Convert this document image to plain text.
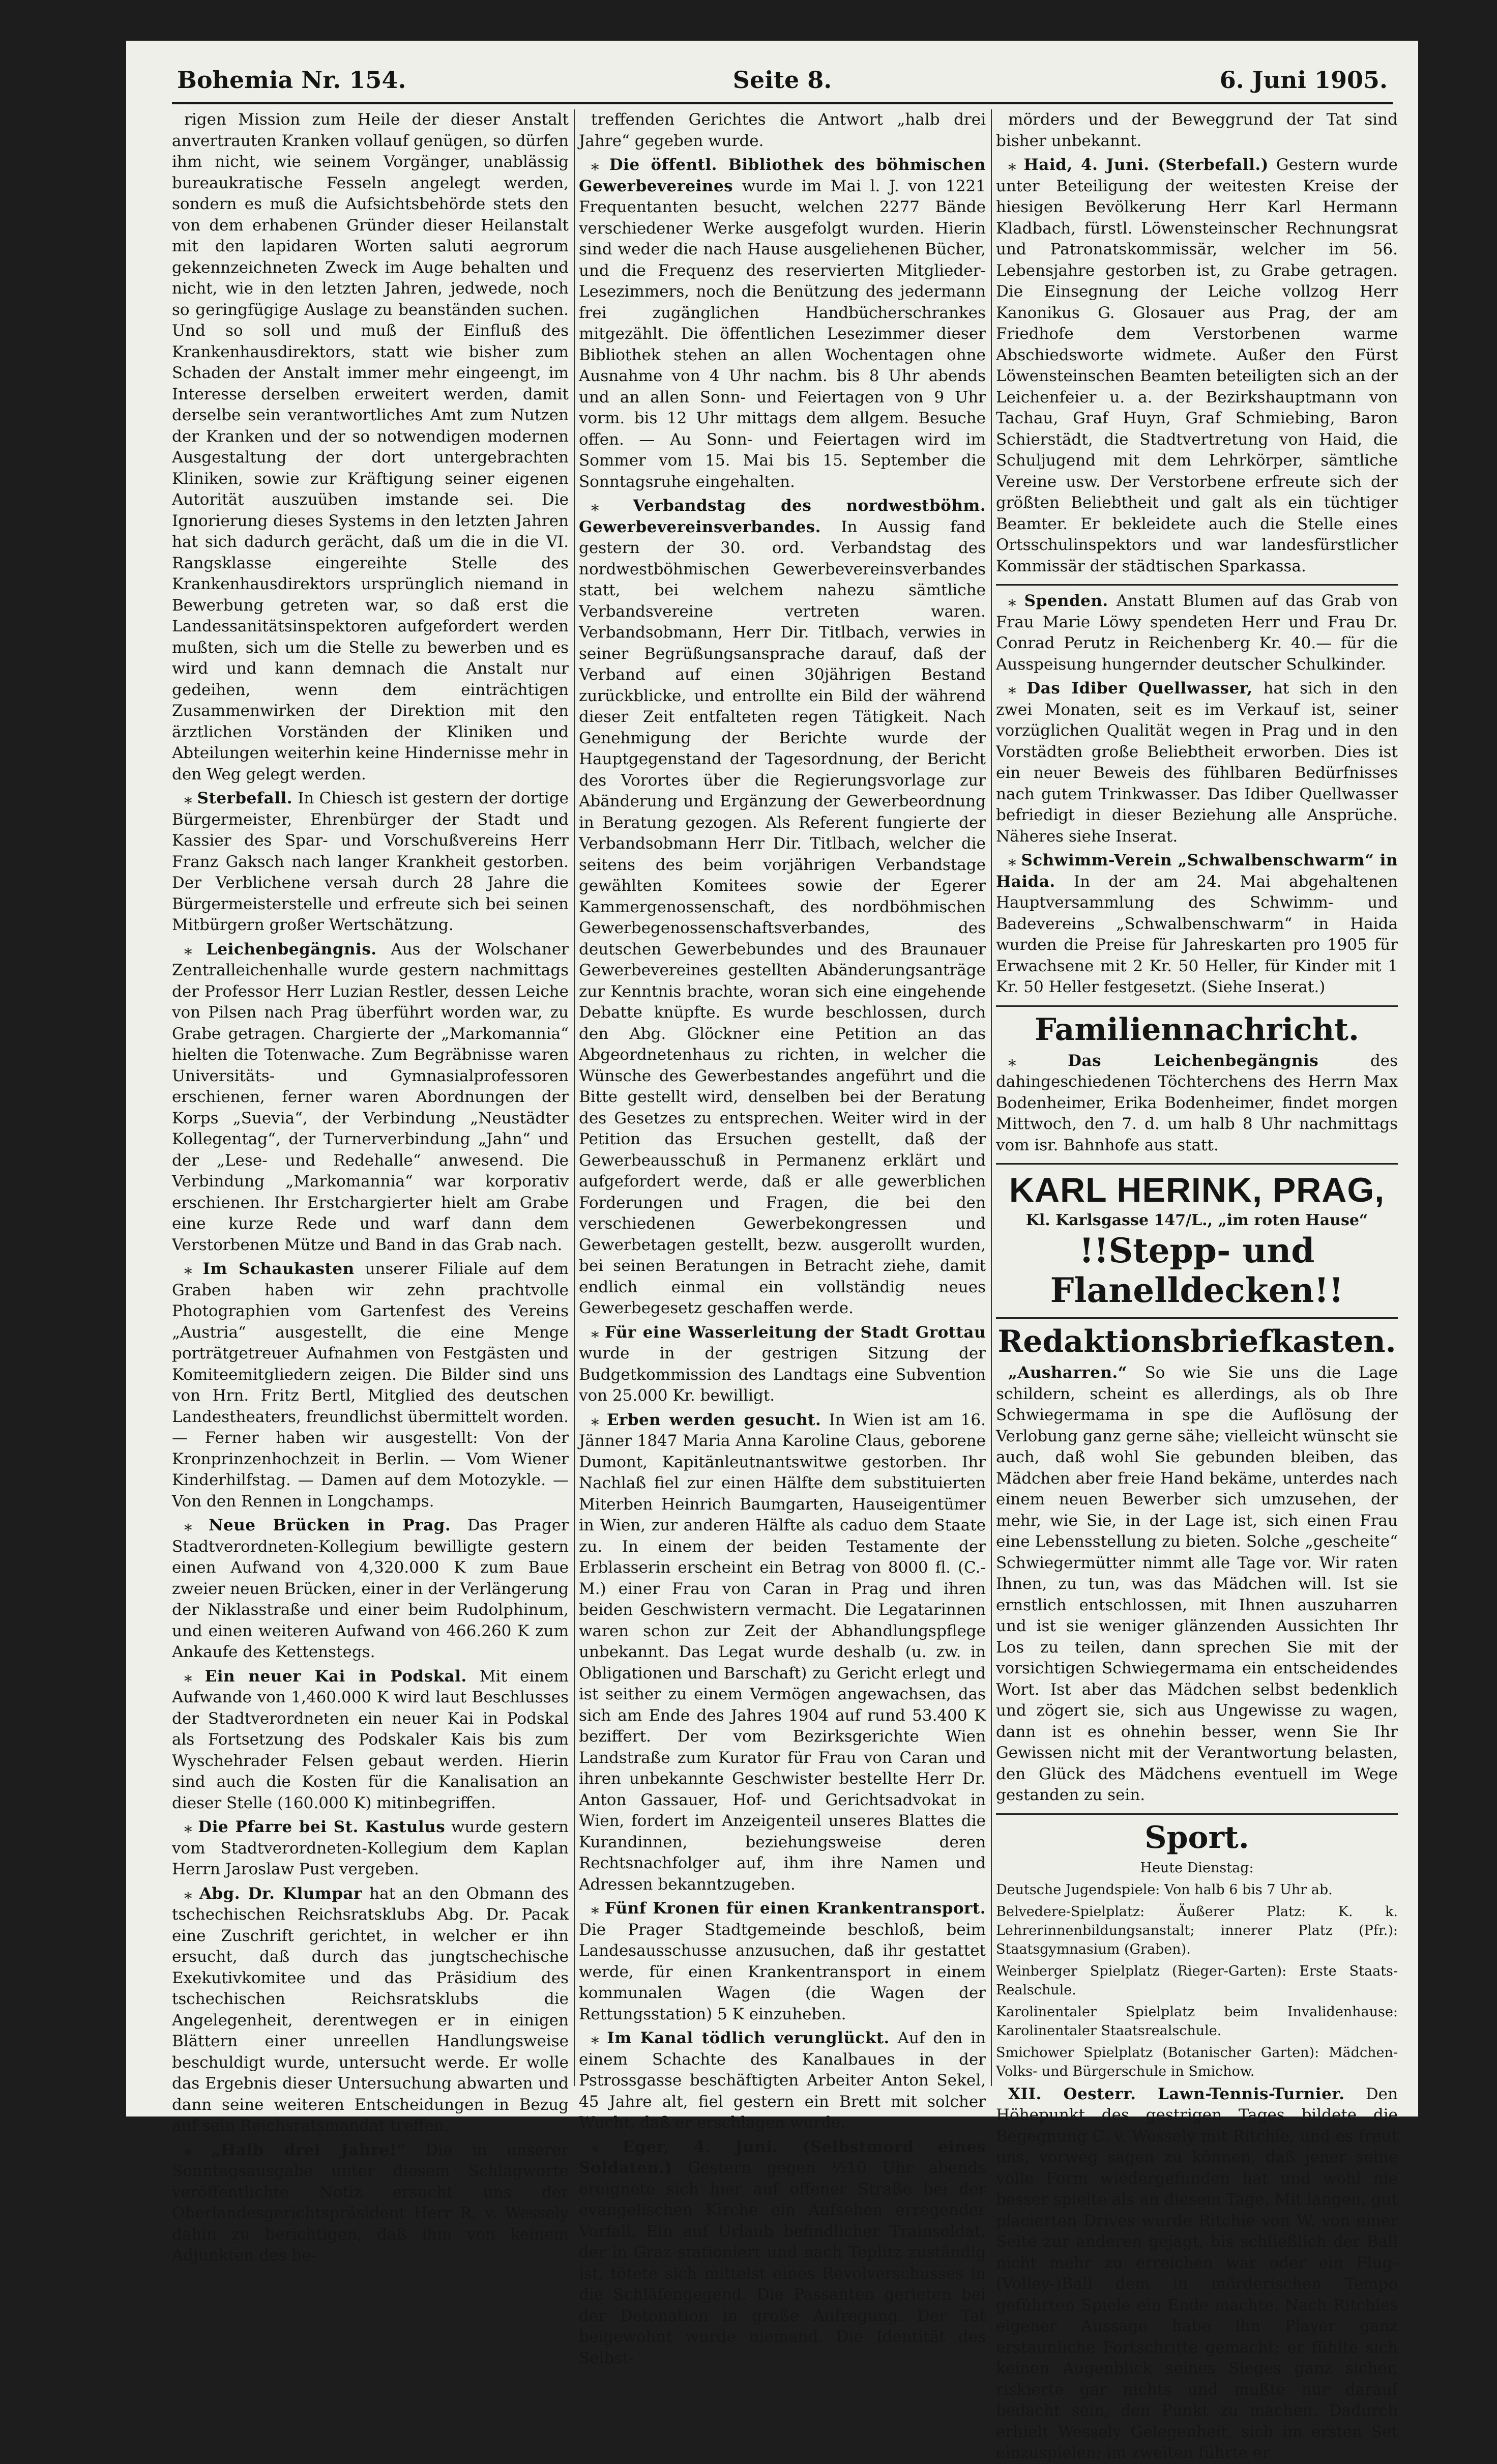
Bohemia Nr. 154.	Seite 8.	6. Juni 1905.

rigen Mission zum Heile der dieser Anstalt anvertrauten Kranken vollauf genügen, so dürfen ihm nicht, wie seinem Vorgänger, unablässig bureaukratische Fesseln angelegt werden, sondern es muß die Aufsichtsbehörde stets den von dem erhabenen Gründer dieser Heilanstalt mit den lapidaren Worten saluti aegrorum gekennzeichneten Zweck im Auge behalten und nicht, wie in den letzten Jahren, jedwede, noch so geringfügige Auslage zu beanständen suchen. Und so soll und muß der Einfluß des Krankenhausdirektors, statt wie bisher zum Schaden der Anstalt immer mehr eingeengt, im Interesse derselben erweitert werden, damit derselbe sein verantwortliches Amt zum Nutzen der Kranken und der so notwendigen modernen Ausgestaltung der dort untergebrachten Kliniken, sowie zur Kräftigung seiner eigenen Autorität auszuüben imstande sei. Die Ignorierung dieses Systems in den letzten Jahren hat sich dadurch gerächt, daß um die in die VI. Rangsklasse eingereihte Stelle des Krankenhausdirektors ursprünglich niemand in Bewerbung getreten war, so daß erst die Landessanitätsinspektoren aufgefordert werden mußten, sich um die Stelle zu bewerben und es wird und kann demnach die Anstalt nur gedeihen, wenn dem einträchtigen Zusammenwirken der Direktion mit den ärztlichen Vorständen der Kliniken und Abteilungen weiterhin keine Hindernisse mehr in den Weg gelegt werden.

⁎ Sterbefall. In Chiesch ist gestern der dortige Bürgermeister, Ehrenbürger der Stadt und Kassier des Spar- und Vorschußvereins Herr Franz Gaksch nach langer Krankheit gestorben. Der Verblichene versah durch 28 Jahre die Bürgermeisterstelle und erfreute sich bei seinen Mitbürgern großer Wertschätzung.

⁎ Leichenbegängnis. Aus der Wolschaner Zentralleichenhalle wurde gestern nachmittags der Professor Herr Luzian Restler, dessen Leiche von Pilsen nach Prag überführt worden war, zu Grabe getragen. Chargierte der „Markomannia“ hielten die Totenwache. Zum Begräbnisse waren Universitäts- und Gymnasialprofessoren erschienen, ferner waren Abordnungen der Korps „Suevia“, der Verbindung „Neustädter Kollegentag“, der Turnerverbindung „Jahn“ und der „Lese- und Redehalle“ anwesend. Die Verbindung „Markomannia“ war korporativ erschienen. Ihr Erstchargierter hielt am Grabe eine kurze Rede und warf dann dem Verstorbenen Mütze und Band in das Grab nach.

⁎ Im Schaukasten unserer Filiale auf dem Graben haben wir zehn prachtvolle Photographien vom Gartenfest des Vereins „Austria“ ausgestellt, die eine Menge porträtgetreuer Aufnahmen von Festgästen und Komiteemitgliedern zeigen. Die Bilder sind uns von Hrn. Fritz Bertl, Mitglied des deutschen Landestheaters, freundlichst übermittelt worden. — Ferner haben wir ausgestellt: Von der Kronprinzenhochzeit in Berlin. — Vom Wiener Kinderhilfstag. — Damen auf dem Motozykle. — Von den Rennen in Longchamps.

⁎ Neue Brücken in Prag. Das Prager Stadtverordneten-Kollegium bewilligte gestern einen Aufwand von 4,320.000 K zum Baue zweier neuen Brücken, einer in der Verlängerung der Niklasstraße und einer beim Rudolphinum, und einen weiteren Aufwand von 466.260 K zum Ankaufe des Kettenstegs.

⁎ Ein neuer Kai in Podskal. Mit einem Aufwande von 1,460.000 K wird laut Beschlusses der Stadtverordneten ein neuer Kai in Podskal als Fortsetzung des Podskaler Kais bis zum Wyschehrader Felsen gebaut werden. Hierin sind auch die Kosten für die Kanalisation an dieser Stelle (160.000 K) mitinbegriffen.

⁎ Die Pfarre bei St. Kastulus wurde gestern vom Stadtverordneten-Kollegium dem Kaplan Herrn Jaroslaw Pust vergeben.

⁎ Abg. Dr. Klumpar hat an den Obmann des tschechischen Reichsratsklubs Abg. Dr. Pacak eine Zuschrift gerichtet, in welcher er ihn ersucht, daß durch das jungtschechische Exekutivkomitee und das Präsidium des tschechischen Reichsratsklubs die Angelegenheit, derentwegen er in einigen Blättern einer unreellen Handlungsweise beschuldigt wurde, untersucht werde. Er wolle das Ergebnis dieser Untersuchung abwarten und dann seine weiteren Entscheidungen in Bezug auf sein Reichsratsmandat treffen.

⁎ „Halb drei Jahre!“ Die in unserer Sonntagsausgabe unter diesem Schlagworte veröffentlichte Notiz ersucht uns der Oberlandesgerichtspräsident Herr R. v. Wessely dahin zu berichtigen, daß ihm von keinem Adjunkten des be-

treffenden Gerichtes die Antwort „halb drei Jahre“ gegeben wurde.

⁎ Die öffentl. Bibliothek des böhmischen Gewerbevereines wurde im Mai l. J. von 1221 Frequentanten besucht, welchen 2277 Bände verschiedener Werke ausgefolgt wurden. Hierin sind weder die nach Hause ausgeliehenen Bücher, und die Frequenz des reservierten Mitglieder-Lesezimmers, noch die Benützung des jedermann frei zugänglichen Handbücherschrankes mitgezählt. Die öffentlichen Lesezimmer dieser Bibliothek stehen an allen Wochentagen ohne Ausnahme von 4 Uhr nachm. bis 8 Uhr abends und an allen Sonn- und Feiertagen von 9 Uhr vorm. bis 12 Uhr mittags dem allgem. Besuche offen. — Au Sonn- und Feiertagen wird im Sommer vom 15. Mai bis 15. September die Sonntagsruhe eingehalten.

⁎ Verbandstag des nordwestböhm. Gewerbevereinsverbandes. In Aussig fand gestern der 30. ord. Verbandstag des nordwestböhmischen Gewerbevereinsverbandes statt, bei welchem nahezu sämtliche Verbandsvereine vertreten waren. Verbandsobmann, Herr Dir. Titlbach, verwies in seiner Begrüßungsansprache darauf, daß der Verband auf einen 30jährigen Bestand zurückblicke, und entrollte ein Bild der während dieser Zeit entfalteten regen Tätigkeit. Nach Genehmigung der Berichte wurde der Hauptgegenstand der Tagesordnung, der Bericht des Vorortes über die Regierungsvorlage zur Abänderung und Ergänzung der Gewerbeordnung in Beratung gezogen. Als Referent fungierte der Verbandsobmann Herr Dir. Titlbach, welcher die seitens des beim vorjährigen Verbandstage gewählten Komitees sowie der Egerer Kammergenossenschaft, des nordböhmischen Gewerbegenossenschaftsverbandes, des deutschen Gewerbebundes und des Braunauer Gewerbevereines gestellten Abänderungsanträge zur Kenntnis brachte, woran sich eine eingehende Debatte knüpfte. Es wurde beschlossen, durch den Abg. Glöckner eine Petition an das Abgeordnetenhaus zu richten, in welcher die Wünsche des Gewerbestandes angeführt und die Bitte gestellt wird, denselben bei der Beratung des Gesetzes zu entsprechen. Weiter wird in der Petition das Ersuchen gestellt, daß der Gewerbeausschuß in Permanenz erklärt und aufgefordert werde, daß er alle gewerblichen Forderungen und Fragen, die bei den verschiedenen Gewerbekongressen und Gewerbetagen gestellt, bezw. ausgerollt wurden, bei seinen Beratungen in Betracht ziehe, damit endlich einmal ein vollständig neues Gewerbegesetz geschaffen werde.

⁎ Für eine Wasserleitung der Stadt Grottau wurde in der gestrigen Sitzung der Budgetkommission des Landtags eine Subvention von 25.000 Kr. bewilligt.

⁎ Erben werden gesucht. In Wien ist am 16. Jänner 1847 Maria Anna Karoline Claus, geborene Dumont, Kapitänleutnantswitwe gestorben. Ihr Nachlaß fiel zur einen Hälfte dem substituierten Miterben Heinrich Baumgarten, Hauseigentümer in Wien, zur anderen Hälfte als caduo dem Staate zu. In einem der beiden Testamente der Erblasserin erscheint ein Betrag von 8000 fl. (C.-M.) einer Frau von Caran in Prag und ihren beiden Geschwistern vermacht. Die Legatarinnen waren schon zur Zeit der Abhandlungspflege unbekannt. Das Legat wurde deshalb (u. zw. in Obligationen und Barschaft) zu Gericht erlegt und ist seither zu einem Vermögen angewachsen, das sich am Ende des Jahres 1904 auf rund 53.400 K beziffert. Der vom Bezirksgerichte Wien Landstraße zum Kurator für Frau von Caran und ihren unbekannte Geschwister bestellte Herr Dr. Anton Gassauer, Hof- und Gerichtsadvokat in Wien, fordert im Anzeigenteil unseres Blattes die Kurandinnen, beziehungsweise deren Rechtsnachfolger auf, ihm ihre Namen und Adressen bekanntzugeben.

⁎ Fünf Kronen für einen Krankentransport. Die Prager Stadtgemeinde beschloß, beim Landesausschusse anzusuchen, daß ihr gestattet werde, für einen Krankentransport in einem kommunalen Wagen (die Wagen der Rettungsstation) 5 K einzuheben.

⁎ Im Kanal tödlich verunglückt. Auf den in einem Schachte des Kanalbaues in der Pstrossgasse beschäftigten Arbeiter Anton Sekel, 45 Jahre alt, fiel gestern ein Brett mit solcher Wucht, daß er erschlagen wurde.

⁎ Eger, 4. Juni. (Selbstmord eines Soldaten.) Gestern gegen ½10 Uhr abends ereignete sich hier auf offener Straße bei der evangelischen Kirche ein Aufsehen erregender Vorfall. Ein auf Urlaub befindlicher Trainsoldat, der in Graz stationiert und nach Teplitz zuständig ist, tötete sich mittelst eines Revolverschusses in die Schläfengegend. Die Passanten gerieten bei der Detonation in große Aufregung. Der Tat beigewohnt wurde niemand. Die Identität des Selbst-

mörders und der Beweggrund der Tat sind bisher unbekannt.

⁎ Haid, 4. Juni. (Sterbefall.) Gestern wurde unter Beteiligung der weitesten Kreise der hiesigen Bevölkerung Herr Karl Hermann Kladbach, fürstl. Löwensteinscher Rechnungsrat und Patronatskommissär, welcher im 56. Lebensjahre gestorben ist, zu Grabe getragen. Die Einsegnung der Leiche vollzog Herr Kanonikus G. Glosauer aus Prag, der am Friedhofe dem Verstorbenen warme Abschiedsworte widmete. Außer den Fürst Löwensteinschen Beamten beteiligten sich an der Leichenfeier u. a. der Bezirkshauptmann von Tachau, Graf Huyn, Graf Schmiebing, Baron Schierstädt, die Stadtvertretung von Haid, die Schuljugend mit dem Lehrkörper, sämtliche Vereine usw. Der Verstorbene erfreute sich der größten Beliebtheit und galt als ein tüchtiger Beamter. Er bekleidete auch die Stelle eines Ortsschulinspektors und war landesfürstlicher Kommissär der städtischen Sparkassa.

⁎ Spenden. Anstatt Blumen auf das Grab von Frau Marie Löwy spendeten Herr und Frau Dr. Conrad Perutz in Reichenberg Kr. 40.— für die Ausspeisung hungernder deutscher Schulkinder.

⁎ Das Idiber Quellwasser, hat sich in den zwei Monaten, seit es im Verkauf ist, seiner vorzüglichen Qualität wegen in Prag und in den Vorstädten große Beliebtheit erworben. Dies ist ein neuer Beweis des fühlbaren Bedürfnisses nach gutem Trinkwasser. Das Idiber Quellwasser befriedigt in dieser Beziehung alle Ansprüche. Näheres siehe Inserat.

⁎ Schwimm-Verein „Schwalbenschwarm“ in Haida. In der am 24. Mai abgehaltenen Hauptversammlung des Schwimm- und Badevereins „Schwalbenschwarm“ in Haida wurden die Preise für Jahreskarten pro 1905 für Erwachsene mit 2 Kr. 50 Heller, für Kinder mit 1 Kr. 50 Heller festgesetzt. (Siehe Inserat.)

Familiennachricht.

⁎ Das Leichenbegängnis	des dahingeschiedenen Töchterchens des Herrn Max Bodenheimer, Erika Bodenheimer, findet morgen Mittwoch, den 7. d. um halb 8 Uhr nachmittags vom isr. Bahnhofe aus statt.

KARL HERINK, PRAG,
Kl. Karlsgasse 147/L., „im roten Hause“
!!Stepp- und Flanelldecken!!
Redaktionsbriefkasten.

„Ausharren.“ So wie Sie uns die Lage schildern, scheint es allerdings, als ob Ihre Schwiegermama in spe die Auflösung der Verlobung ganz gerne sähe; vielleicht wünscht sie auch, daß wohl Sie gebunden bleiben, das Mädchen aber freie Hand bekäme, unterdes nach einem neuen Bewerber sich umzusehen, der mehr, wie Sie, in der Lage ist, sich einen Frau eine Lebensstellung zu bieten. Solche „gescheite“ Schwiegermütter nimmt alle Tage vor. Wir raten Ihnen, zu tun, was das Mädchen will. Ist sie ernstlich entschlossen, mit Ihnen auszuharren und ist sie weniger glänzenden Aussichten Ihr Los zu teilen, dann sprechen Sie mit der vorsichtigen Schwiegermama ein entscheidendes Wort. Ist aber das Mädchen selbst bedenklich und zögert sie, sich aus Ungewisse zu wagen, dann ist es ohnehin besser, wenn Sie Ihr Gewissen nicht mit der Verantwortung belasten, den Glück des Mädchens eventuell im Wege gestanden zu sein.

Sport.

Heute Dienstag:

Deutsche Jugendspiele: Von halb 6 bis 7 Uhr ab.

Belvedere-Spielplatz: Äußerer Platz: K. k. Lehrerinnenbildungsanstalt; innerer Platz (Pfr.): Staatsgymnasium (Graben).

Weinberger Spielplatz (Rieger-Garten): Erste Staats-Realschule.

Karolinentaler Spielplatz beim Invalidenhause: Karolinentaler Staatsrealschule.

Smichower Spielplatz (Botanischer Garten): Mädchen-Volks- und Bürgerschule in Smichow.

XII. Oesterr. Lawn-Tennis-Turnier. Den Höhepunkt des gestrigen Tages bildete die Begegnung C. v. Wessely mit Ritchie, und es freut uns, vorweg sagen zu können, daß jener seine volle Form wiedergefunden hat und wohl nie besser spielte als an diesem Tage. Mit langen, gut placierten Drives wurde Ritchie von W. von einer Seite zur anderen gejagt, bis schließlich der Ball nicht mehr zu erreichen war oder ein Flug-(Volley-)Ball dem in mörderischen Tempo geführten Spiele ein Ende machte. Nach Ritchies eigener Aussage habe ihn Player ganz erstaunliche Fortschritte gemacht; er fühlte sich keinen Augenblick seines Sieges ganz sicher, riskierte gar nichts und mußte nur darauf bedacht sein, den Punkt zu machen. Dadurch erhielt Wessely Gelegenheit, sich im ersten Set einzuspielen; im zweiten führte er
